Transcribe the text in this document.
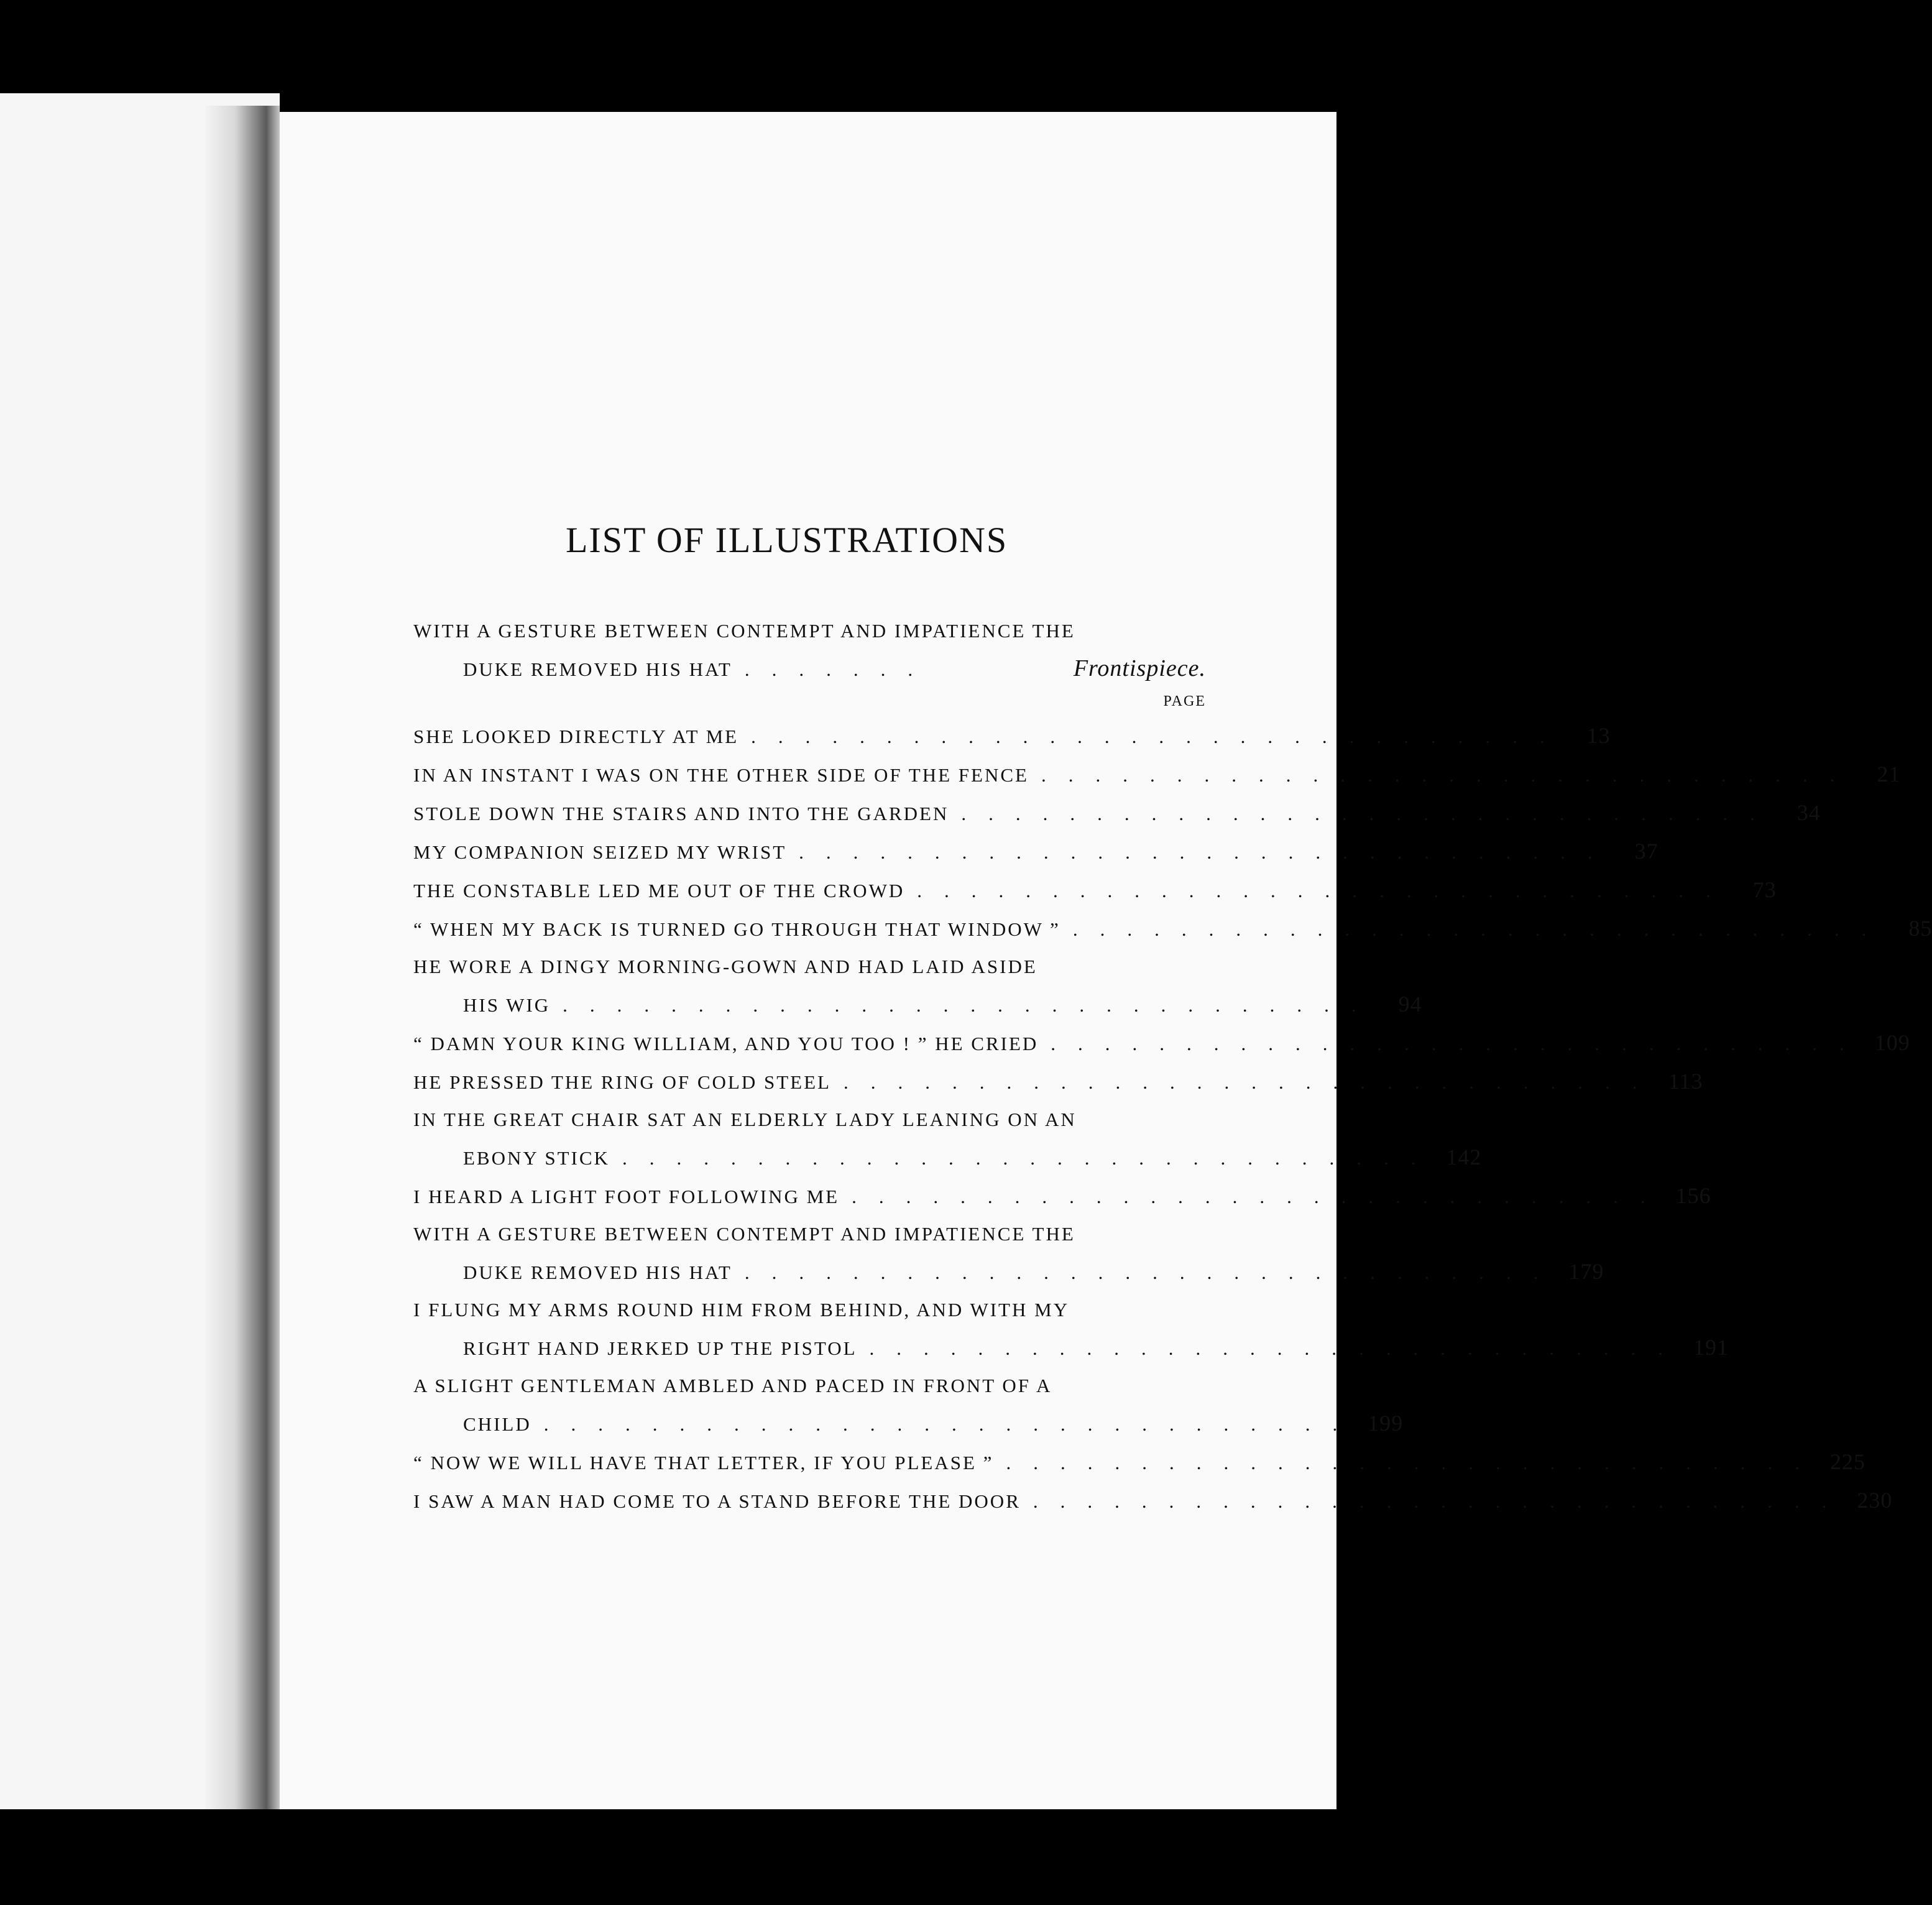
LIST OF ILLUSTRATIONS
WITH A GESTURE BETWEEN CONTEMPT AND IMPATIENCE THE
DUKE REMOVED HIS HAT .......	Frontispiece.
PAGE
SHE LOOKED DIRECTLY AT ME .............................. 13
IN AN INSTANT I WAS ON THE OTHER SIDE OF THE FENCE .............................. 21
STOLE DOWN THE STAIRS AND INTO THE GARDEN .............................. 34
MY COMPANION SEIZED MY WRIST .............................. 37
THE CONSTABLE LED ME OUT OF THE CROWD .............................. 73
“ WHEN MY BACK IS TURNED GO THROUGH THAT WINDOW ” .............................. 85
HE WORE A DINGY MORNING-GOWN AND HAD LAID ASIDE
HIS WIG .............................. 94
“ DAMN YOUR KING WILLIAM, AND YOU TOO ! ” HE CRIED .............................. 109
HE PRESSED THE RING OF COLD STEEL .............................. 113
IN THE GREAT CHAIR SAT AN ELDERLY LADY LEANING ON AN
EBONY STICK .............................. 142
I HEARD A LIGHT FOOT FOLLOWING ME .............................. 156
WITH A GESTURE BETWEEN CONTEMPT AND IMPATIENCE THE
DUKE REMOVED HIS HAT .............................. 179
I FLUNG MY ARMS ROUND HIM FROM BEHIND, AND WITH MY
RIGHT HAND JERKED UP THE PISTOL .............................. 191
A SLIGHT GENTLEMAN AMBLED AND PACED IN FRONT OF A
CHILD .............................. 199
“ NOW WE WILL HAVE THAT LETTER, IF YOU PLEASE ” .............................. 225
I SAW A MAN HAD COME TO A STAND BEFORE THE DOOR .............................. 230
